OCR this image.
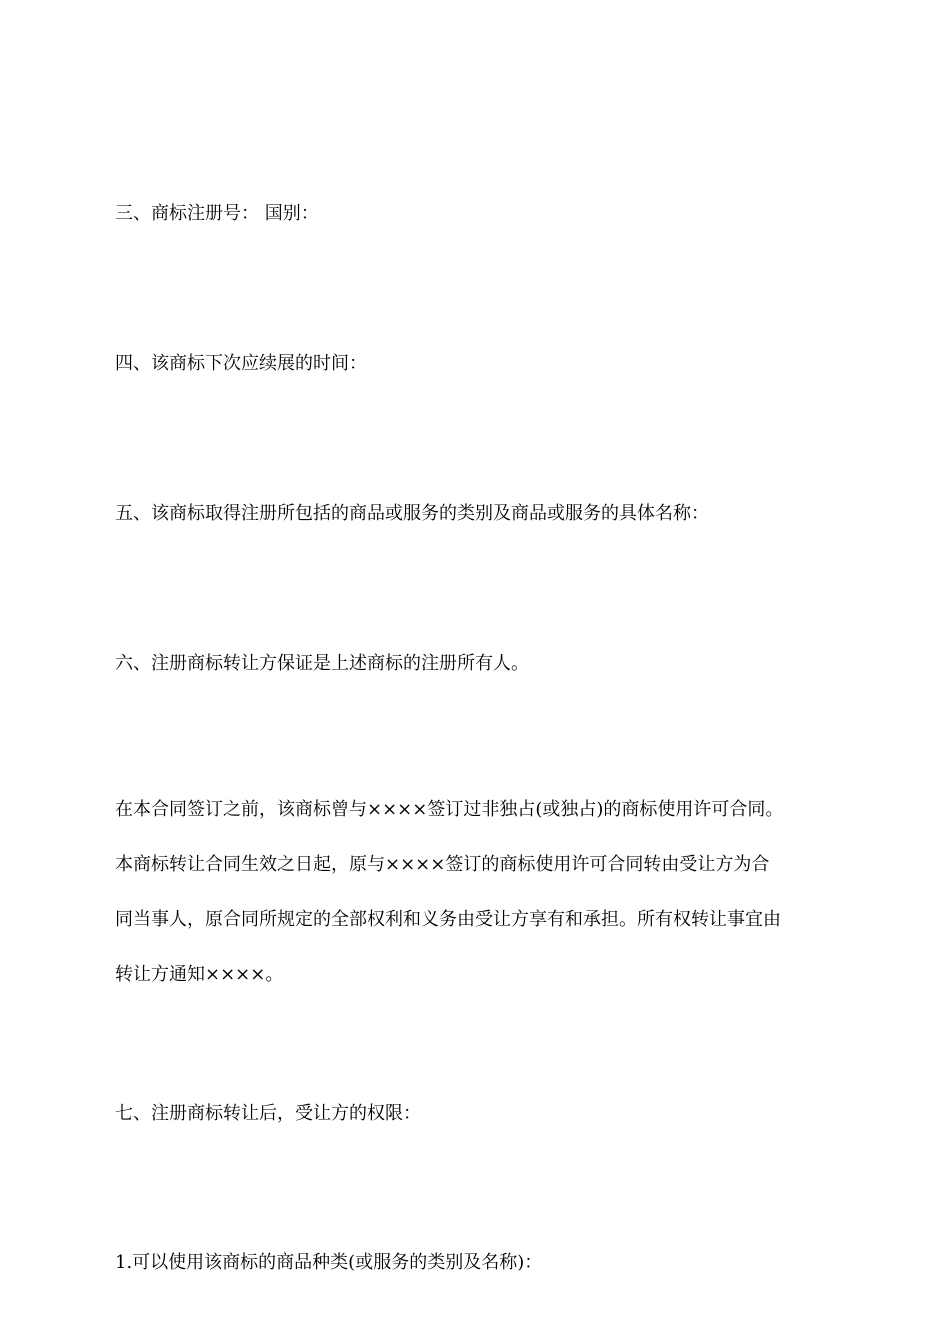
三、商标注册号： 国别：

四、该商标下次应续展的时间：

五、该商标取得注册所包括的商品或服务的类别及商品或服务的具体名称：

六、注册商标转让方保证是上述商标的注册所有人。

在本合同签订之前，该商标曾与××××签订过非独占(或独占)的商标使用许可合同。
本商标转让合同生效之日起，原与××××签订的商标使用许可合同转由受让方为合
同当事人，原合同所规定的全部权利和义务由受让方享有和承担。所有权转让事宜由
转让方通知××××。

七、注册商标转让后，受让方的权限：

1.可以使用该商标的商品种类(或服务的类别及名称)：
